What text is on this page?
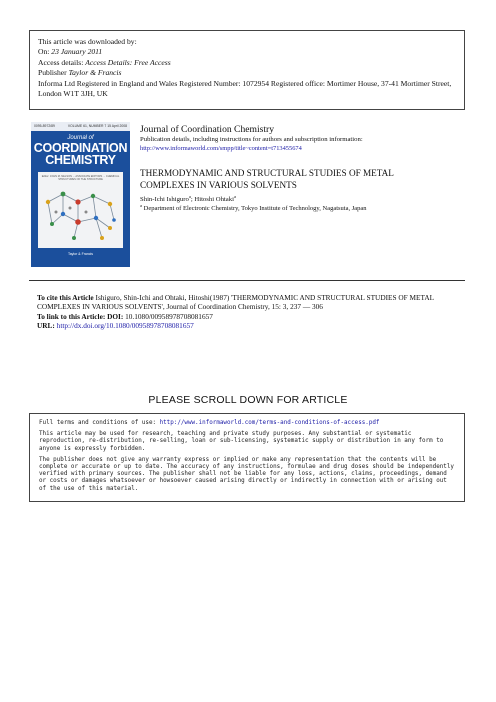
This article was downloaded by:
On: 23 January 2011
Access details: Access Details: Free Access
Publisher Taylor & Francis
Informa Ltd Registered in England and Wales Registered Number: 1072954 Registered office: Mortimer House, 37-41 Mortimer Street, London W1T 3JH, UK
0095-8972/89	VOLUME 61, NUMBER 7 15 April 2008
Journal of
COORDINATION
CHEMISTRY
Editor: JOHN M. NELSON ... ASSOCIATE EDITORS ... CHEMICAL STRUCTURES OF THE STRUCTURE
Taylor & Francis
Journal of Coordination Chemistry
Publication details, including instructions for authors and subscription information:
http://www.informaworld.com/smpp/title~content=t713455674
THERMODYNAMIC AND STRUCTURAL STUDIES OF METAL
COMPLEXES IN VARIOUS SOLVENTS
Shin-Ichi Ishiguro$^a$; Hitoshi Ohtaki$^a$
$^a$ Department of Electronic Chemistry, Tokyo Institute of Technology, Nagatsuta, Japan
To cite this Article Ishiguro, Shin-Ichi and Ohtaki, Hitoshi(1987) 'THERMODYNAMIC AND STRUCTURAL STUDIES OF METAL COMPLEXES IN VARIOUS SOLVENTS', Journal of Coordination Chemistry, 15: 3, 237 — 306
To link to this Article: DOI: 10.1080/00958978708081657
URL: http://dx.doi.org/10.1080/00958978708081657
PLEASE SCROLL DOWN FOR ARTICLE

Full terms and conditions of use: http://www.informaworld.com/terms-and-conditions-of-access.pdf

This article may be used for research, teaching and private study purposes. Any substantial or systematic reproduction, re-distribution, re-selling, loan or sub-licensing, systematic supply or distribution in any form to anyone is expressly forbidden.

The publisher does not give any warranty express or implied or make any representation that the contents will be complete or accurate or up to date. The accuracy of any instructions, formulae and drug doses should be independently verified with primary sources. The publisher shall not be liable for any loss, actions, claims, proceedings, demand or costs or damages whatsoever or howsoever caused arising directly or indirectly in connection with or arising out of the use of this material.
